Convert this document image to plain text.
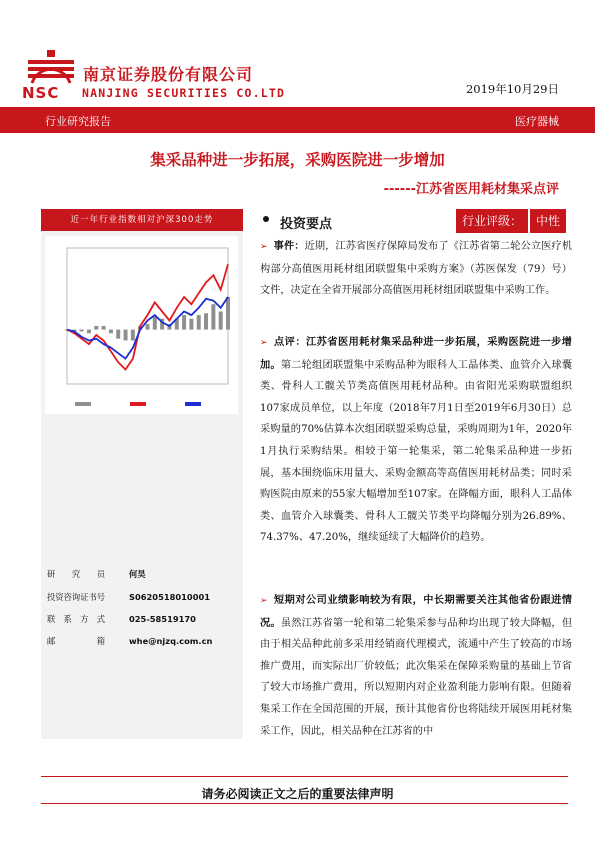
NSC
南京证券股份有限公司
NANJING SECURITIES CO.LTD	2019年10月29日
行业研究报告	医疗器械
集采品种进一步拓展，采购医院进一步增加
------江苏省医用耗材集采点评
近一年行业指数相对沪深300走势
研　　究　　员	何昊
投资咨询证书号	S0620518010001
联　系　方　式	025-58519170
邮　　　　　箱	whe@njzq.com.cn
投资要点	行业评级：	中性
➢ 事件：近期，江苏省医疗保障局发布了《江苏省第二轮公立医疗机构部分高值医用耗材组团联盟集中采购方案》（苏医保发（79）号）文件，决定在全省开展部分高值医用耗材组团联盟集中采购工作。
➢ 点评：江苏省医用耗材集采品种进一步拓展，采购医院进一步增加。第二轮组团联盟集中采购品种为眼科人工晶体类、血管介入球囊类、骨科人工髋关节类高值医用耗材品种。由省阳光采购联盟组织107家成员单位，以上年度（2018年7月1日至2019年6月30日）总采购量的70%估算本次组团联盟采购总量，采购周期为1年，2020年1月执行采购结果。相较于第一轮集采，第二轮集采品种进一步拓展，基本围绕临床用量大、采购金额高等高值医用耗材品类；同时采购医院由原来的55家大幅增加至107家。在降幅方面，眼科人工晶体类、血管介入球囊类、骨科人工髋关节类平均降幅分别为26.89%、74.37%、47.20%，继续延续了大幅降价的趋势。
➢ 短期对公司业绩影响较为有限，中长期需要关注其他省份跟进情况。虽然江苏省第一轮和第二轮集采参与品种均出现了较大降幅，但由于相关品种此前多采用经销商代理模式，流通中产生了较高的市场推广费用，而实际出厂价较低；此次集采在保障采购量的基础上节省了较大市场推广费用，所以短期内对企业盈利能力影响有限。但随着集采工作在全国范围的开展，预计其他省份也将陆续开展医用耗材集采工作，因此，相关品种在江苏省的中
请务必阅读正文之后的重要法律声明
